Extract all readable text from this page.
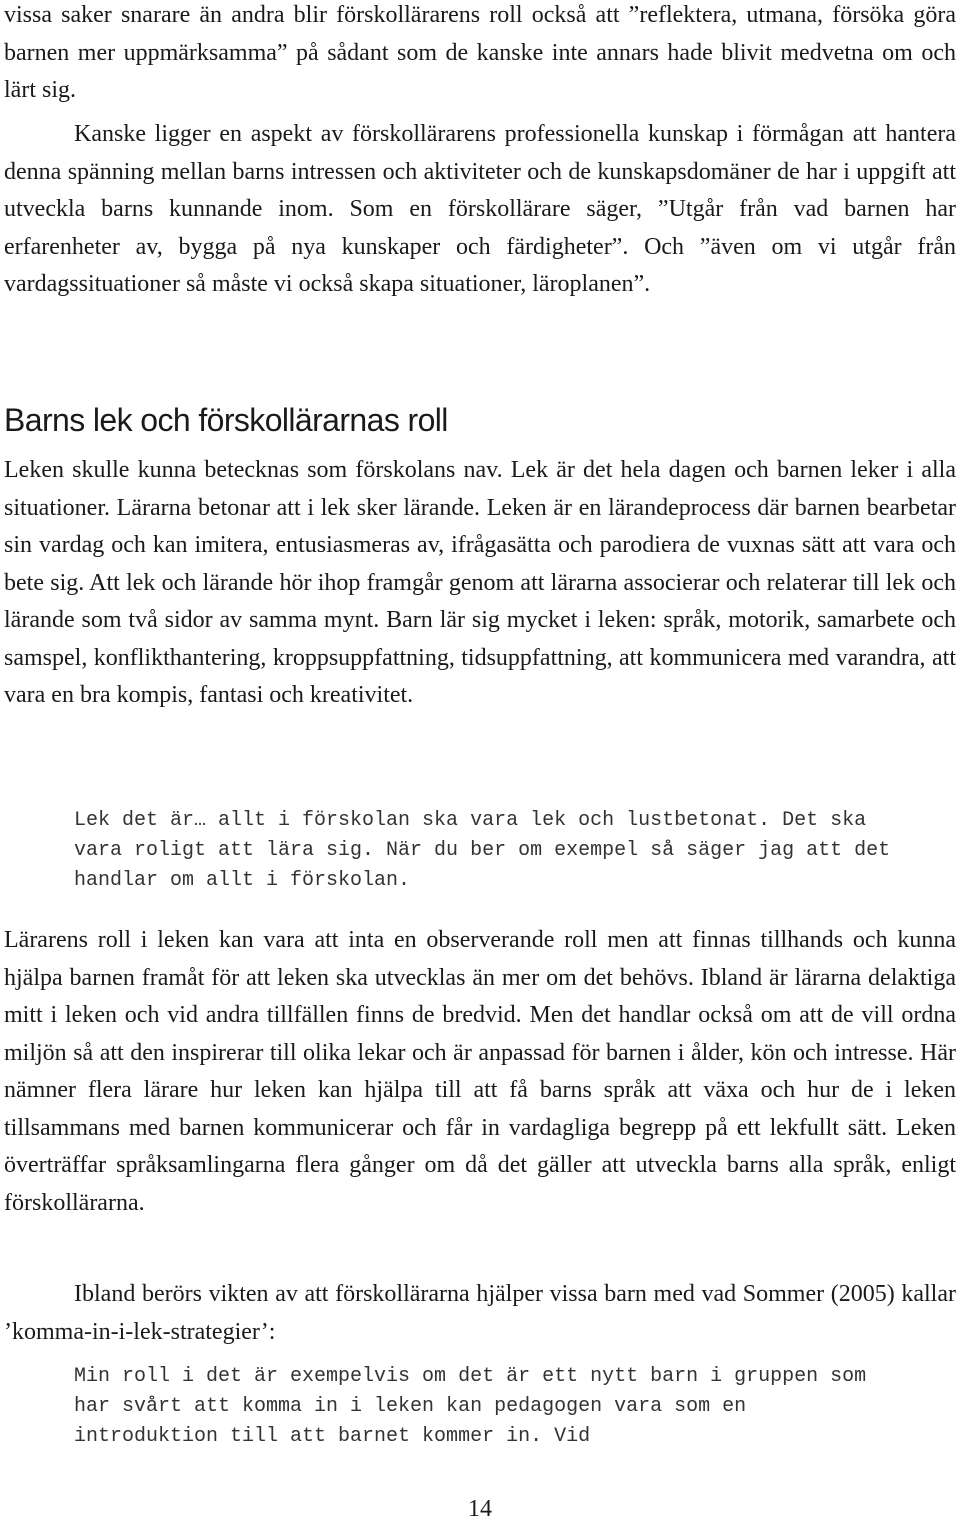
vissa saker snarare än andra blir förskollärarens roll också att ”reflektera, utmana, försöka göra barnen mer uppmärksamma” på sådant som de kanske inte annars hade blivit medvetna om och lärt sig.

Kanske ligger en aspekt av förskollärarens professionella kunskap i förmågan att hantera denna spänning mellan barns intressen och aktiviteter och de kunskapsdomäner de har i uppgift att utveckla barns kunnande inom. Som en förskollärare säger, ”Utgår från vad barnen har erfarenheter av, bygga på nya kunskaper och färdigheter”. Och ”även om vi utgår från vardagssituationer så måste vi också skapa situationer, läroplanen”.

Barns lek och förskollärarnas roll

Leken skulle kunna betecknas som förskolans nav. Lek är det hela dagen och barnen leker i alla situationer. Lärarna betonar att i lek sker lärande. Leken är en lärandeprocess där barnen bearbetar sin vardag och kan imitera, entusiasmeras av, ifrågasätta och parodiera de vuxnas sätt att vara och bete sig. Att lek och lärande hör ihop framgår genom att lärarna associerar och relaterar till lek och lärande som två sidor av samma mynt. Barn lär sig mycket i leken: språk, motorik, samarbete och samspel, konflikthantering, kroppsuppfattning, tidsuppfattning, att kommunicera med varandra, att vara en bra kompis, fantasi och kreativitet.

Lek det är… allt i förskolan ska vara lek och lustbetonat. Det ska vara roligt att lära sig. När du ber om exempel så säger jag att det handlar om allt i förskolan.

Lärarens roll i leken kan vara att inta en observerande roll men att finnas tillhands och kunna hjälpa barnen framåt för att leken ska utvecklas än mer om det behövs. Ibland är lärarna delaktiga mitt i leken och vid andra tillfällen finns de bredvid. Men det handlar också om att de vill ordna miljön så att den inspirerar till olika lekar och är anpassad för barnen i ålder, kön och intresse. Här nämner flera lärare hur leken kan hjälpa till att få barns språk att växa och hur de i leken tillsammans med barnen kommunicerar och får in vardagliga begrepp på ett lekfullt sätt. Leken överträffar språksamlingarna flera gånger om då det gäller att utveckla barns alla språk, enligt förskollärarna.

Ibland berörs vikten av att förskollärarna hjälper vissa barn med vad Sommer (2005) kallar ’komma-in-i-lek-strategier’:

Min roll i det är exempelvis om det är ett nytt barn i gruppen som har svårt att komma in i leken kan pedagogen vara som en introduktion till att barnet kommer in. Vid

14
